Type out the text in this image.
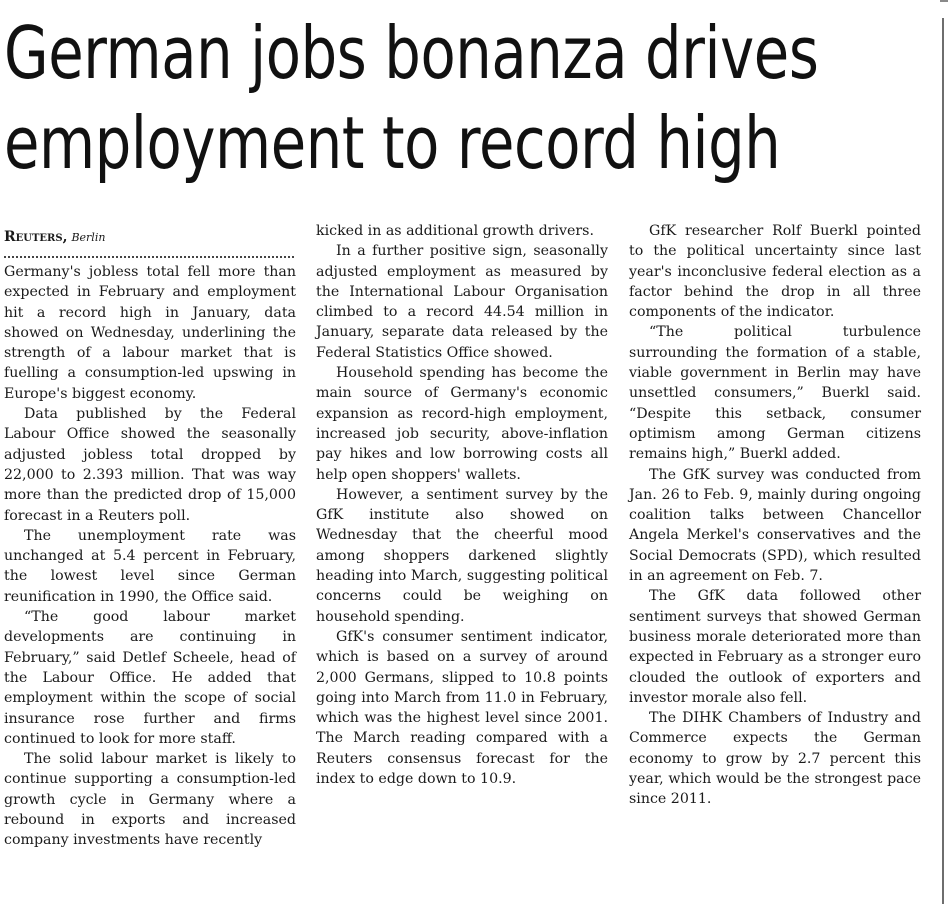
German jobs bonanza drives
employment to record high
Reuters, Berlin

Germany's jobless total fell more than expected in February and employment hit a record high in January, data showed on Wednesday, underlining the strength of a labour market that is fuelling a consumption-led upswing in Europe's biggest economy.

Data published by the Federal Labour Office showed the seasonally adjusted jobless total dropped by 22,000 to 2.393 million. That was way more than the predicted drop of 15,000 forecast in a Reuters poll.

The unemployment rate was unchanged at 5.4 percent in February, the lowest level since German reunification in 1990, the Office said.

“The good labour market developments are continuing in February,” said Detlef Scheele, head of the Labour Office. He added that employment within the scope of social insurance rose further and firms continued to look for more staff.

The solid labour market is likely to continue supporting a consumption-led growth cycle in Germany where a rebound in exports and increased company investments have recently

kicked in as additional growth drivers.

In a further positive sign, seasonally adjusted employment as measured by the International Labour Organisation climbed to a record 44.54 million in January, separate data released by the Federal Statistics Office showed.

Household spending has become the main source of Germany's economic expansion as record-high employment, increased job security, above-inflation pay hikes and low borrowing costs all help open shoppers' wallets.

However, a sentiment survey by the GfK institute also showed on Wednesday that the cheerful mood among shoppers darkened slightly heading into March, suggesting political concerns could be weighing on household spending.

GfK's consumer sentiment indicator, which is based on a survey of around 2,000 Germans, slipped to 10.8 points going into March from 11.0 in February, which was the highest level since 2001. The March reading compared with a Reuters consensus forecast for the index to edge down to 10.9.

GfK researcher Rolf Buerkl pointed to the political uncertainty since last year's inconclusive federal election as a factor behind the drop in all three components of the indicator.

“The political turbulence surrounding the formation of a stable, viable government in Berlin may have unsettled consumers,” Buerkl said. “Despite this setback, consumer optimism among German citizens remains high,” Buerkl added.

The GfK survey was conducted from Jan. 26 to Feb. 9, mainly during ongoing coalition talks between Chancellor Angela Merkel's conservatives and the Social Democrats (SPD), which resulted in an agreement on Feb. 7.

The GfK data followed other sentiment surveys that showed German business morale deteriorated more than expected in February as a stronger euro clouded the outlook of exporters and investor morale also fell.

The DIHK Chambers of Industry and Commerce expects the German economy to grow by 2.7 percent this year, which would be the strongest pace since 2011.
